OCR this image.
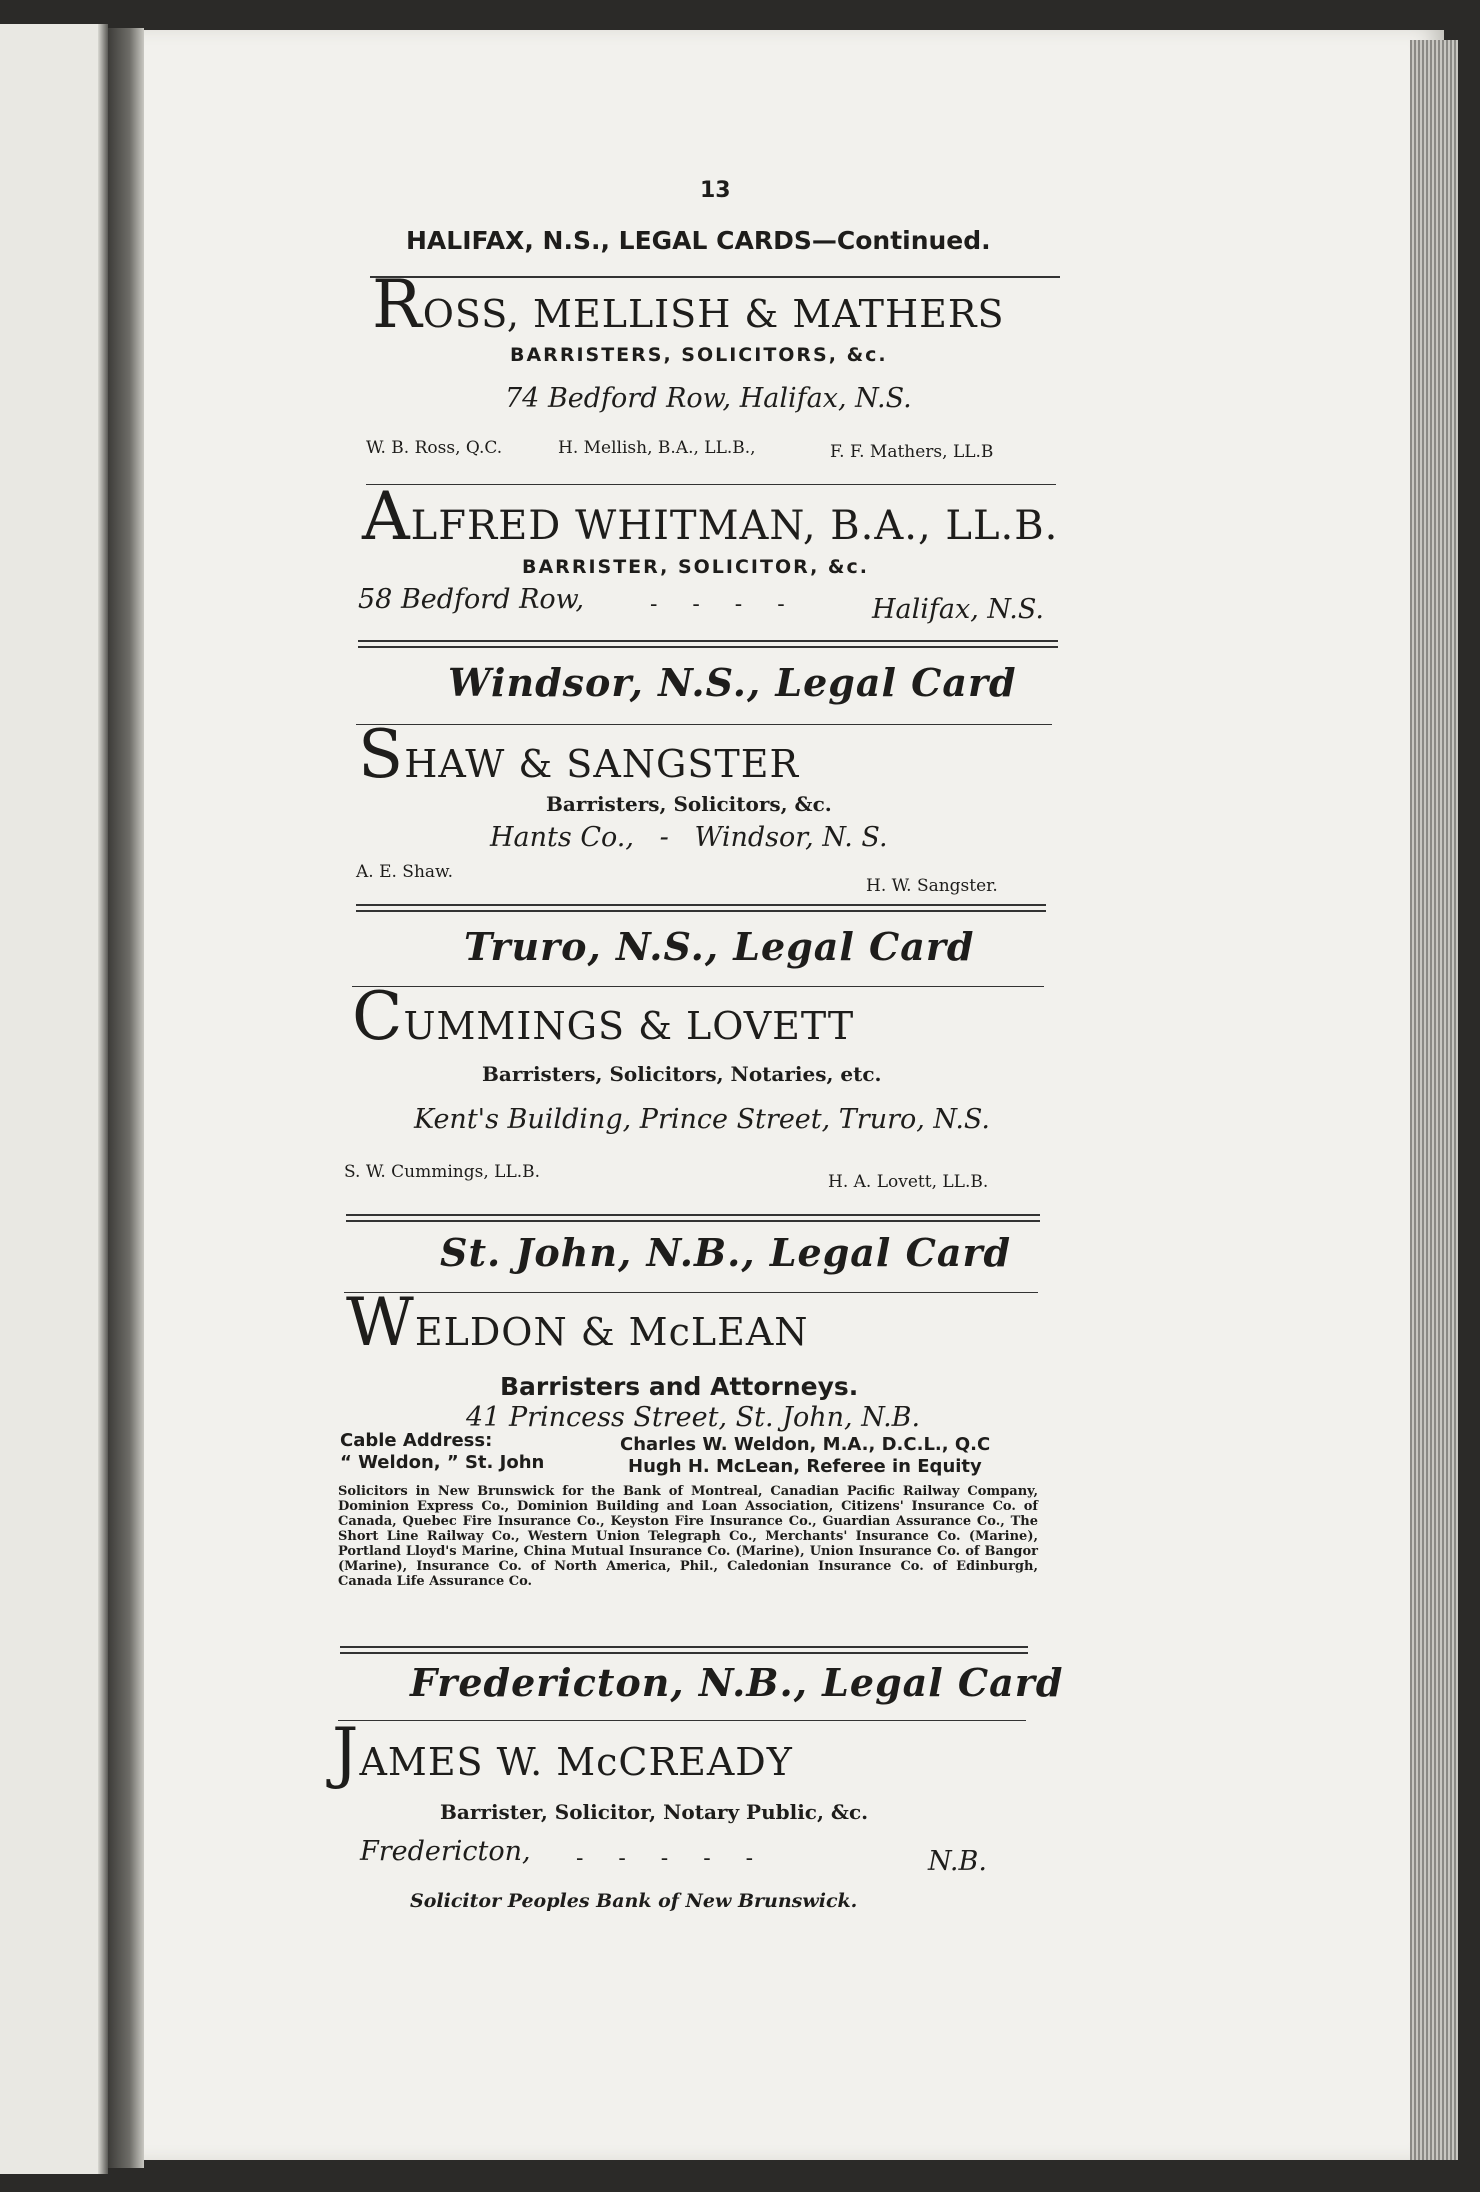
13
HALIFAX, N.S., LEGAL CARDS—Continued.
ROSS, MELLISH & MATHERS
BARRISTERS, SOLICITORS, &c.
74 Bedford Row, Halifax, N.S.
W. B. Ross, Q.C.	H. Mellish, B.A., LL.B.,	F. F. Mathers, LL.B
ALFRED WHITMAN, B.A., LL.B.
BARRISTER, SOLICITOR, &c.
58 Bedford Row,	-     -     -     -	Halifax, N.S.
Windsor, N.S., Legal Card
SHAW & SANGSTER
Barristers, Solicitors, &c.
Hants Co.,   -   Windsor, N. S.
A. E. Shaw.
H. W. Sangster.
Truro, N.S., Legal Card
CUMMINGS & LOVETT
Barristers, Solicitors, Notaries, etc.
Kent's Building, Prince Street, Truro, N.S.
S. W. Cummings, LL.B.	H. A. Lovett, LL.B.
St. John, N.B., Legal Card
WELDON & McLEAN
Barristers and Attorneys.
41 Princess Street, St. John, N.B.
Cable Address:
“ Weldon, ” St. John
Charles W. Weldon, M.A., D.C.L., Q.C
Hugh H. McLean, Referee in Equity
Solicitors in New Brunswick for the Bank of Montreal, Canadian Pacific Railway Company, Dominion Express Co., Dominion Building and Loan Association, Citizens' Insurance Co. of Canada, Quebec Fire Insurance Co., Keyston Fire Insurance Co., Guardian Assurance Co., The Short Line Railway Co., Western Union Telegraph Co., Merchants' Insurance Co. (Marine), Portland Lloyd's Marine, China Mutual Insurance Co. (Marine), Union Insurance Co. of Bangor (Marine), Insurance Co. of North America, Phil., Caledonian Insurance Co. of Edinburgh, Canada Life Assurance Co.
Fredericton, N.B., Legal Card
JAMES W. McCREADY
Barrister, Solicitor, Notary Public, &c.
Fredericton, -     -     -     -     -	N.B.
Solicitor Peoples Bank of New Brunswick.
